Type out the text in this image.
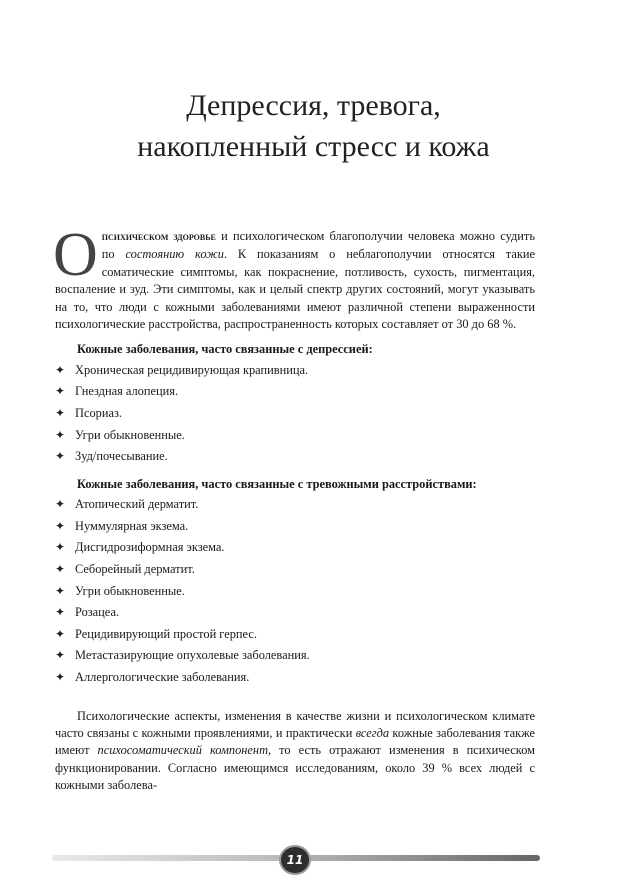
Депрессия, тревога,
накопленный стресс и кожа

Опсихическом здоровье и психологическом благополучии человека можно судить по состоянию кожи. К показаниям о неблагополучии относятся такие соматические симптомы, как покраснение, потливость, сухость, пигментация, воспаление и зуд. Эти симптомы, как и целый спектр других состояний, могут указывать на то, что люди с кожными заболеваниями имеют различной степени выраженности психологические расстройства, распространенность которых составляет от 30 до 68 %.

Кожные заболевания, часто связанные с депрессией:

✦ Хроническая рецидивирующая крапивница.
✦ Гнездная алопеция.
✦ Псориаз.
✦ Угри обыкновенные.
✦ Зуд/почесывание.

Кожные заболевания, часто связанные с тревожными расстройствами:

✦ Атопический дерматит.
✦ Нуммулярная экзема.
✦ Дисгидрозиформная экзема.
✦ Себорейный дерматит.
✦ Угри обыкновенные.
✦ Розацеа.
✦ Рецидивирующий простой герпес.
✦ Метастазирующие опухолевые заболевания.
✦ Аллергологические заболевания.

Психологические аспекты, изменения в качестве жизни и психологическом климате часто связаны с кожными проявлениями, и практически всегда кожные заболевания также имеют психосоматический компонент, то есть отражают изменения в психическом функционировании. Согласно имеющимся исследованиям, около 39 % всех людей с кожными заболева-

11
